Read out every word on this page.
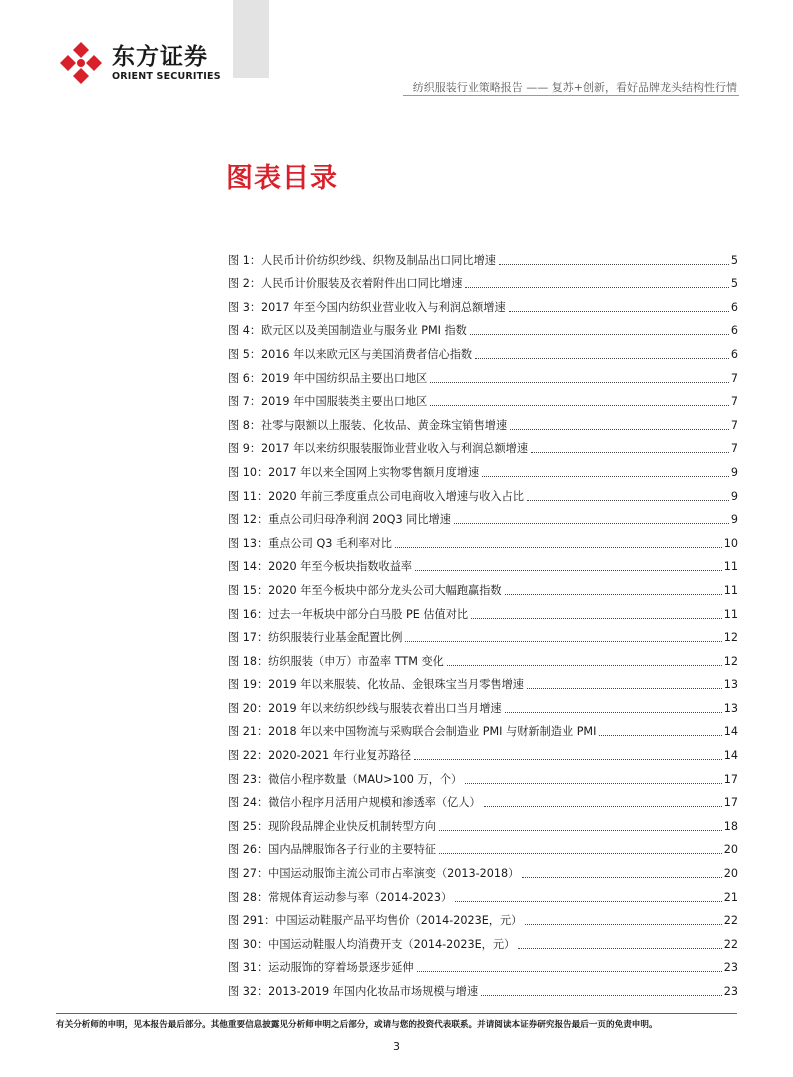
东方证券
ORIENT SECURITIES
纺织服装行业策略报告 —— 复苏+创新，看好品牌龙头结构性行情
图表目录
图 1：人民币计价纺织纱线、织物及制品出口同比增速	5
图 2：人民币计价服装及衣着附件出口同比增速	5
图 3：2017 年至今国内纺织业营业收入与利润总额增速	6
图 4：欧元区以及美国制造业与服务业 PMI 指数	6
图 5：2016 年以来欧元区与美国消费者信心指数	6
图 6：2019 年中国纺织品主要出口地区	7
图 7：2019 年中国服装类主要出口地区	7
图 8：社零与限额以上服装、化妆品、黄金珠宝销售增速	7
图 9：2017 年以来纺织服装服饰业营业收入与利润总额增速	7
图 10：2017 年以来全国网上实物零售额月度增速	9
图 11：2020 年前三季度重点公司电商收入增速与收入占比	9
图 12：重点公司归母净利润 20Q3 同比增速	9
图 13：重点公司 Q3 毛利率对比	10
图 14：2020 年至今板块指数收益率	11
图 15：2020 年至今板块中部分龙头公司大幅跑赢指数	11
图 16：过去一年板块中部分白马股 PE 估值对比	11
图 17：纺织服装行业基金配置比例	12
图 18：纺织服装（申万）市盈率 TTM 变化	12
图 19：2019 年以来服装、化妆品、金银珠宝当月零售增速	13
图 20：2019 年以来纺织纱线与服装衣着出口当月增速	13
图 21：2018 年以来中国物流与采购联合会制造业 PMI 与财新制造业 PMI	14
图 22：2020-2021 年行业复苏路径	14
图 23：微信小程序数量（MAU>100 万，个）	17
图 24：微信小程序月活用户规模和渗透率（亿人）	17
图 25：现阶段品牌企业快反机制转型方向	18
图 26：国内品牌服饰各子行业的主要特征	20
图 27：中国运动服饰主流公司市占率演变（2013-2018）	20
图 28：常规体育运动参与率（2014-2023）	21
图 291：中国运动鞋服产品平均售价（2014-2023E，元）	22
图 30：中国运动鞋服人均消费开支（2014-2023E，元）	22
图 31：运动服饰的穿着场景逐步延伸	23
图 32：2013-2019 年国内化妆品市场规模与增速	23
有关分析师的申明，见本报告最后部分。其他重要信息披露见分析师申明之后部分，或请与您的投资代表联系。并请阅读本证券研究报告最后一页的免责申明。
3
